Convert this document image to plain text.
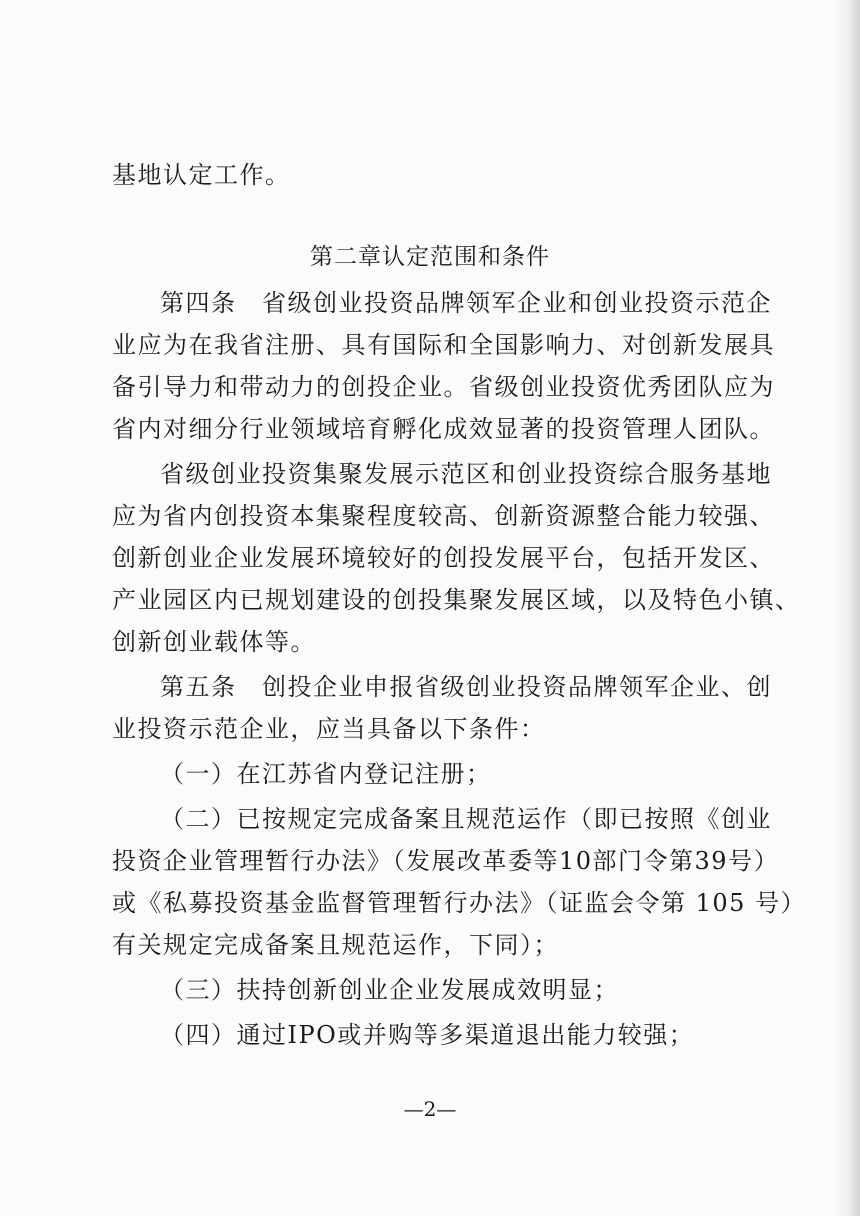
基地认定工作。
第二章认定范围和条件
第四条　省级创业投资品牌领军企业和创业投资示范企
业应为在我省注册、具有国际和全国影响力、对创新发展具
备引导力和带动力的创投企业。省级创业投资优秀团队应为
省内对细分行业领域培育孵化成效显著的投资管理人团队。
省级创业投资集聚发展示范区和创业投资综合服务基地
应为省内创投资本集聚程度较高、创新资源整合能力较强、
创新创业企业发展环境较好的创投发展平台，包括开发区、
产业园区内已规划建设的创投集聚发展区域，以及特色小镇、
创新创业载体等。
第五条　创投企业申报省级创业投资品牌领军企业、创
业投资示范企业，应当具备以下条件：
（一）在江苏省内登记注册；
（二）已按规定完成备案且规范运作（即已按照《创业
投资企业管理暂行办法》（发展改革委等10部门令第39号）
或《私募投资基金监督管理暂行办法》（证监会令第 105 号）
有关规定完成备案且规范运作，下同）；
（三）扶持创新创业企业发展成效明显；
（四）通过IPO或并购等多渠道退出能力较强；
—2—
